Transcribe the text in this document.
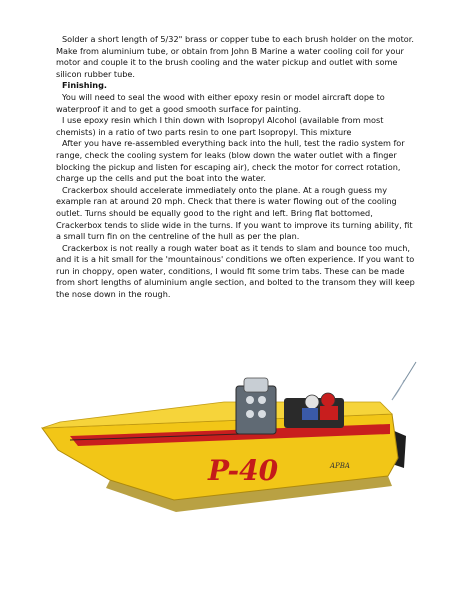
Solder a short length of 5/32" brass or copper tube to each brush holder on the motor. Make from aluminium tube, or obtain from John B Marine a water cooling coil for your motor and couple it to the brush cooling and the water pickup and outlet with some silicon rubber tube.

Finishing.

You will need to seal the wood with either epoxy resin or model aircraft dope to waterproof it and to get a good smooth surface for painting.

I use epoxy resin which I thin down with Isopropyl Alcohol (available from most chemists) in a ratio of two parts resin to one part Isopropyl. This mixture

After you have re-assembled everything back into the hull, test the radio system for range, check the cooling system for leaks (blow down the water outlet with a finger blocking the pickup and listen for escaping air), check the motor for correct rotation, charge up the cells and put the boat into the water.

Crackerbox should accelerate immediately onto the plane. At a rough guess my example ran at around 20 mph. Check that there is water flowing out of the cooling outlet. Turns should be equally good to the right and left. Bring flat bottomed, Crackerbox tends to slide wide in the turns. If you want to improve its turning ability, fit a small turn fin on the centreline of the hull as per the plan.

Crackerbox is not really a rough water boat as it tends to slam and bounce too much, and it is a hit small for the 'mountainous' conditions we often experience. If you want to run in choppy, open water, conditions, I would fit some trim tabs. These can be made from short lengths of aluminium angle section, and bolted to the transom they will keep the nose down in the rough.

P-40	APBA
